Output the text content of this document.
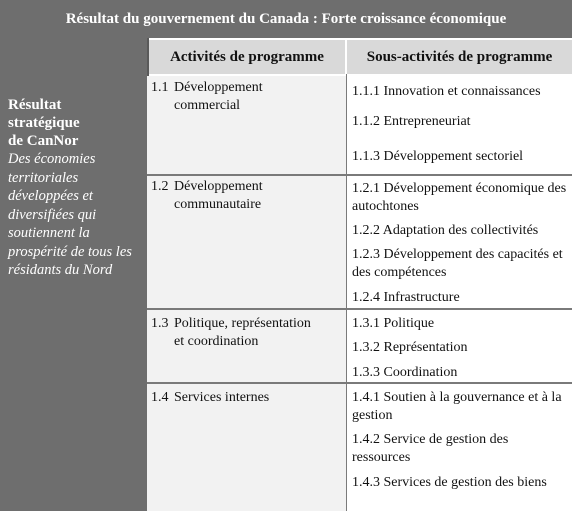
Résultat du gouvernement du Canada : Forte croissance économique
Résultat
stratégique
de CanNor
Des économies territoriales développées et diversifiées qui soutiennent la prospérité de tous les résidants du Nord
Activités de programme	Sous-activités de programme
1.1 Développement
commercial
1.1.1 Innovation et connaissances
1.1.2 Entrepreneuriat
1.1.3 Développement sectoriel
1.2 Développement
communautaire
1.2.1 Développement économique des autochtones
1.2.2 Adaptation des collectivités
1.2.3 Développement des capacités et des compétences
1.2.4 Infrastructure
1.3 Politique, représentation
et coordination
1.3.1 Politique
1.3.2 Représentation
1.3.3 Coordination
1.4 Services internes	1.4.1 Soutien à la gouvernance et à la gestion
1.4.2 Service de gestion des ressources
1.4.3 Services de gestion des biens
